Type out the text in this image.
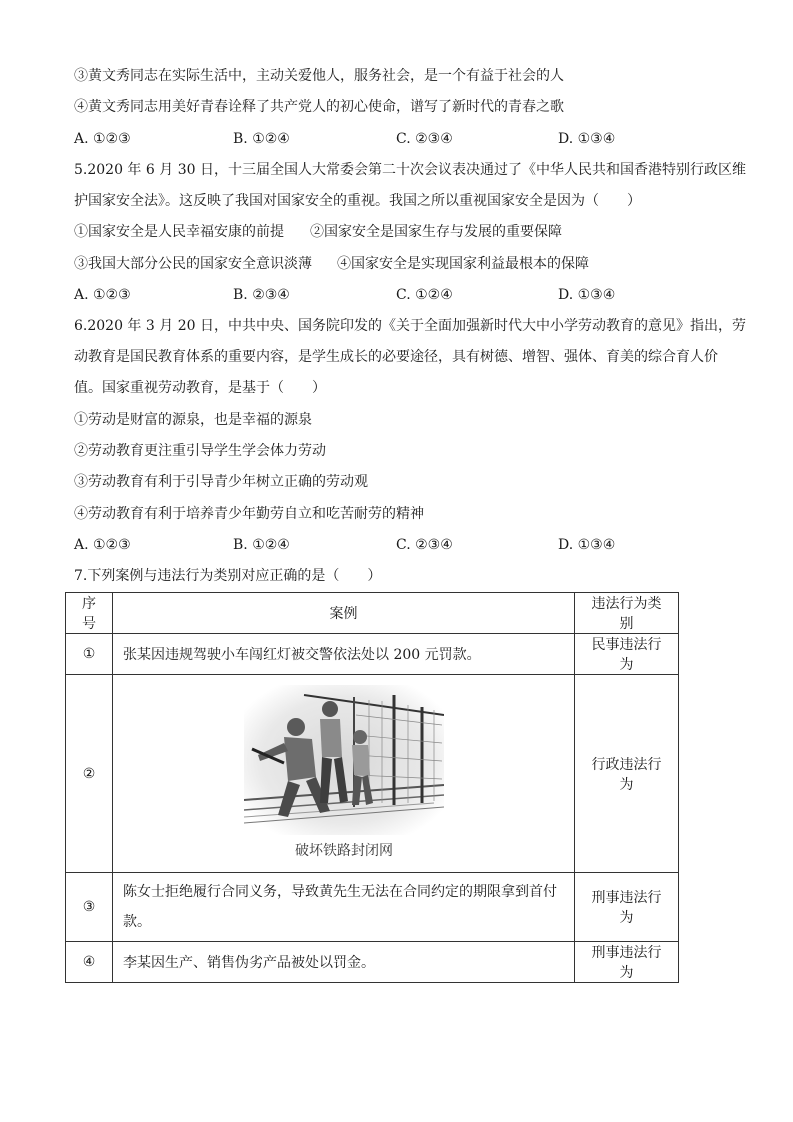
③黄文秀同志在实际生活中，主动关爱他人，服务社会，是一个有益于社会的人
④黄文秀同志用美好青春诠释了共产党人的初心使命，谱写了新时代的青春之歌
A. ①②③	B. ①②④	C. ②③④	D. ①③④
5.2020 年 6 月 30 日，十三届全国人大常委会第二十次会议表决通过了《中华人民共和国香港特别行政区维
护国家安全法》。这反映了我国对国家安全的重视。我国之所以重视国家安全是因为（　　）
①国家安全是人民幸福安康的前提 ②国家安全是国家生存与发展的重要保障
③我国大部分公民的国家安全意识淡薄 ④国家安全是实现国家利益最根本的保障
A. ①②③	B. ②③④	C. ①②④	D. ①③④
6.2020 年 3 月 20 日，中共中央、国务院印发的《关于全面加强新时代大中小学劳动教育的意见》指出，劳
动教育是国民教育体系的重要内容，是学生成长的必要途径，具有树德、增智、强体、育美的综合育人价
值。国家重视劳动教育，是基于（　　）
①劳动是财富的源泉，也是幸福的源泉
②劳动教育更注重引导学生学会体力劳动
③劳动教育有利于引导青少年树立正确的劳动观
④劳动教育有利于培养青少年勤劳自立和吃苦耐劳的精神
A. ①②③	B. ①②④	C. ②③④	D. ①③④
7.下列案例与违法行为类别对应正确的是（　　）
序号	案例	违法行为类别
①	张某因违规驾驶小车闯红灯被交警依法处以 200 元罚款。	民事违法行为
②	破坏铁路封闭网	行政违法行为
③	陈女士拒绝履行合同义务，导致黄先生无法在合同约定的期限拿到首付款。	刑事违法行为
④	李某因生产、销售伪劣产品被处以罚金。	刑事违法行为
